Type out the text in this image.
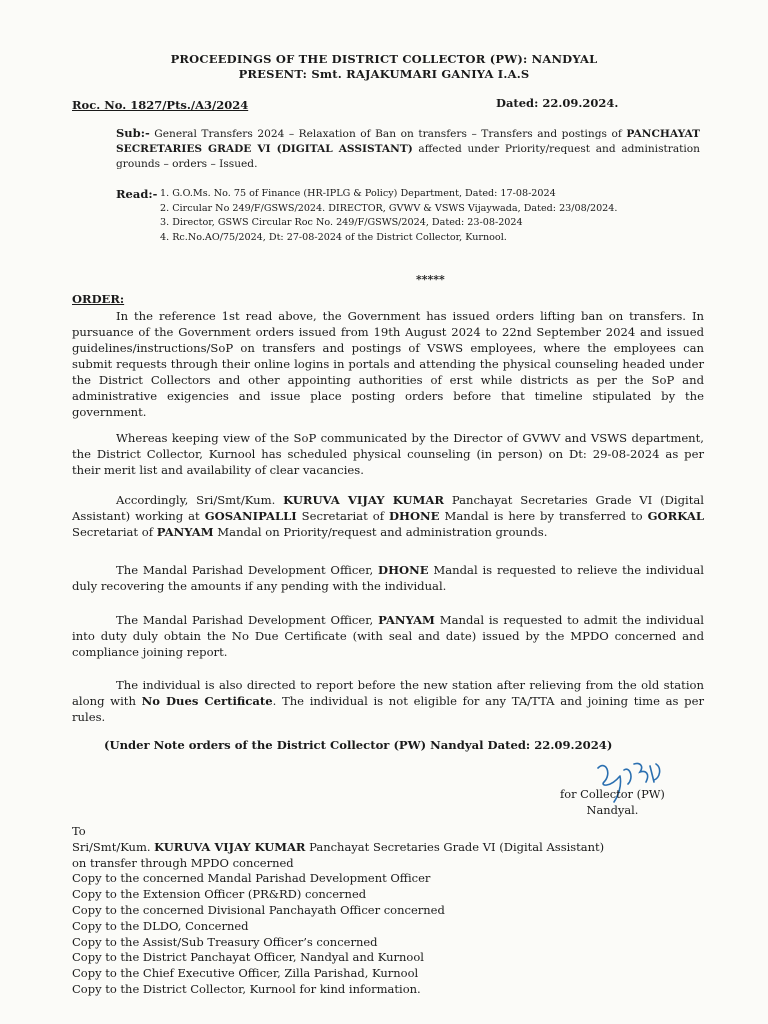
PROCEEDINGS OF THE DISTRICT COLLECTOR (PW): NANDYAL
PRESENT: Smt. RAJAKUMARI GANIYA I.A.S
Roc. No. 1827/Pts./A3/2024	Dated: 22.09.2024.
Sub:- General Transfers 2024 – Relaxation of Ban on transfers – Transfers and postings of PANCHAYAT SECRETARIES GRADE VI (DIGITAL ASSISTANT) affected under Priority/request and administration grounds – orders – Issued.
Read:- 1. G.O.Ms. No. 75 of Finance (HR-IPLG & Policy) Department, Dated: 17-08-2024
2. Circular No 249/F/GSWS/2024. DIRECTOR, GVWV & VSWS Vijaywada, Dated: 23/08/2024.
3. Director, GSWS Circular Roc No. 249/F/GSWS/2024, Dated: 23-08-2024
4. Rc.No.AO/75/2024, Dt: 27-08-2024 of the District Collector, Kurnool.
*****
ORDER:
In the reference 1st read above, the Government has issued orders lifting ban on transfers. In pursuance of the Government orders issued from 19th August 2024 to 22nd September 2024 and issued guidelines/instructions/SoP on transfers and postings of VSWS employees, where the employees can submit requests through their online logins in portals and attending the physical counseling headed under the District Collectors and other appointing authorities of erst while districts as per the SoP and administrative exigencies and issue place posting orders before that timeline stipulated by the government.
Whereas keeping view of the SoP communicated by the Director of GVWV and VSWS department, the District Collector, Kurnool has scheduled physical counseling (in person) on Dt: 29-08-2024 as per their merit list and availability of clear vacancies.
Accordingly, Sri/Smt/Kum. KURUVA VIJAY KUMAR Panchayat Secretaries Grade VI (Digital Assistant) working at GOSANIPALLI Secretariat of DHONE Mandal is here by transferred to GORKAL Secretariat of PANYAM Mandal on Priority/request and administration grounds.
The Mandal Parishad Development Officer, DHONE Mandal is requested to relieve the individual duly recovering the amounts if any pending with the individual.
The Mandal Parishad Development Officer, PANYAM Mandal is requested to admit the individual into duty duly obtain the No Due Certificate (with seal and date) issued by the MPDO concerned and compliance joining report.
The individual is also directed to report before the new station after relieving from the old station along with No Dues Certificate. The individual is not eligible for any TA/TTA and joining time as per rules.
(Under Note orders of the District Collector (PW) Nandyal Dated: 22.09.2024)
for Collector (PW)
Nandyal.
To
Sri/Smt/Kum. KURUVA VIJAY KUMAR Panchayat Secretaries Grade VI (Digital Assistant)
on transfer through MPDO concerned
Copy to the concerned Mandal Parishad Development Officer
Copy to the Extension Officer (PR&RD) concerned
Copy to the concerned Divisional Panchayath Officer concerned
Copy to the DLDO, Concerned
Copy to the Assist/Sub Treasury Officer’s concerned
Copy to the District Panchayat Officer, Nandyal and Kurnool
Copy to the Chief Executive Officer, Zilla Parishad, Kurnool
Copy to the District Collector, Kurnool for kind information.
